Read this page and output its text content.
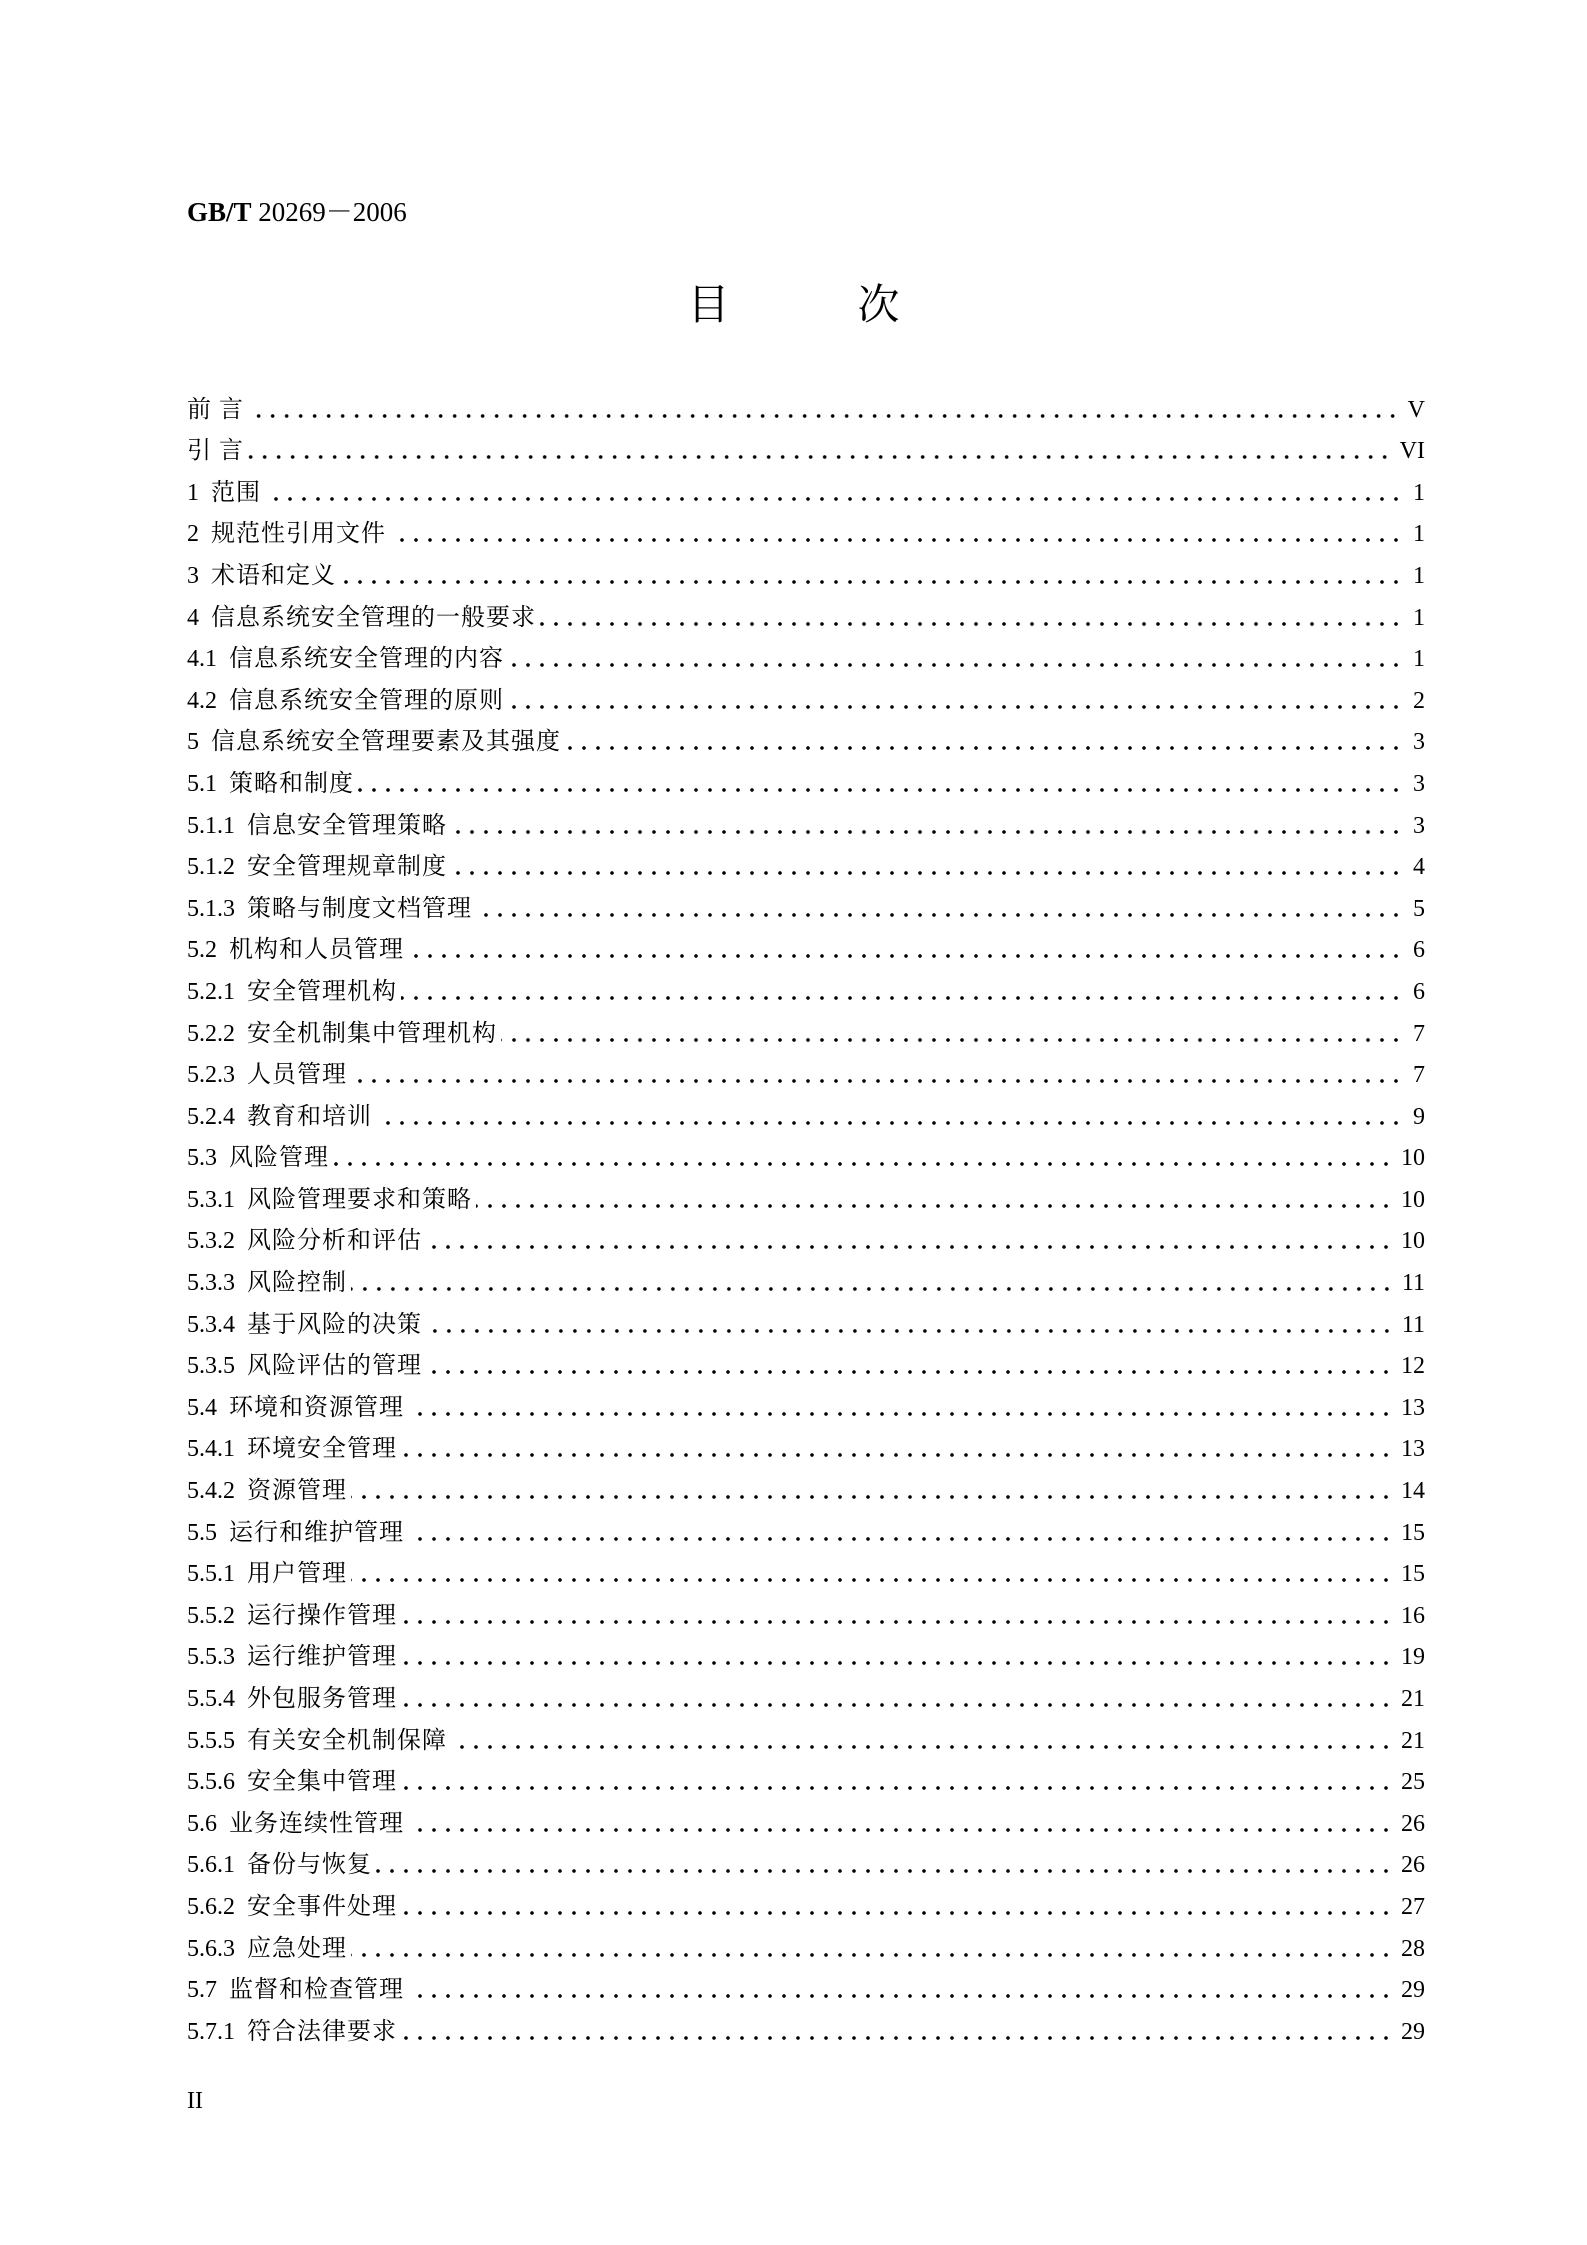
GB/T 20269－2006
目	次
前 言	V
引 言	VI
1 范围	1
2 规范性引用文件	1
3 术语和定义	1
4 信息系统安全管理的一般要求	1
4.1 信息系统安全管理的内容	1
4.2 信息系统安全管理的原则	2
5 信息系统安全管理要素及其强度	3
5.1 策略和制度	3
5.1.1 信息安全管理策略	3
5.1.2 安全管理规章制度	4
5.1.3 策略与制度文档管理	5
5.2 机构和人员管理	6
5.2.1 安全管理机构	6
5.2.2 安全机制集中管理机构	7
5.2.3 人员管理	7
5.2.4 教育和培训	9
5.3 风险管理	10
5.3.1 风险管理要求和策略	10
5.3.2 风险分析和评估	10
5.3.3 风险控制	11
5.3.4 基于风险的决策	11
5.3.5 风险评估的管理	12
5.4 环境和资源管理	13
5.4.1 环境安全管理	13
5.4.2 资源管理	14
5.5 运行和维护管理	15
5.5.1 用户管理	15
5.5.2 运行操作管理	16
5.5.3 运行维护管理	19
5.5.4 外包服务管理	21
5.5.5 有关安全机制保障	21
5.5.6 安全集中管理	25
5.6 业务连续性管理	26
5.6.1 备份与恢复	26
5.6.2 安全事件处理	27
5.6.3 应急处理	28
5.7 监督和检查管理	29
5.7.1 符合法律要求	29
II
